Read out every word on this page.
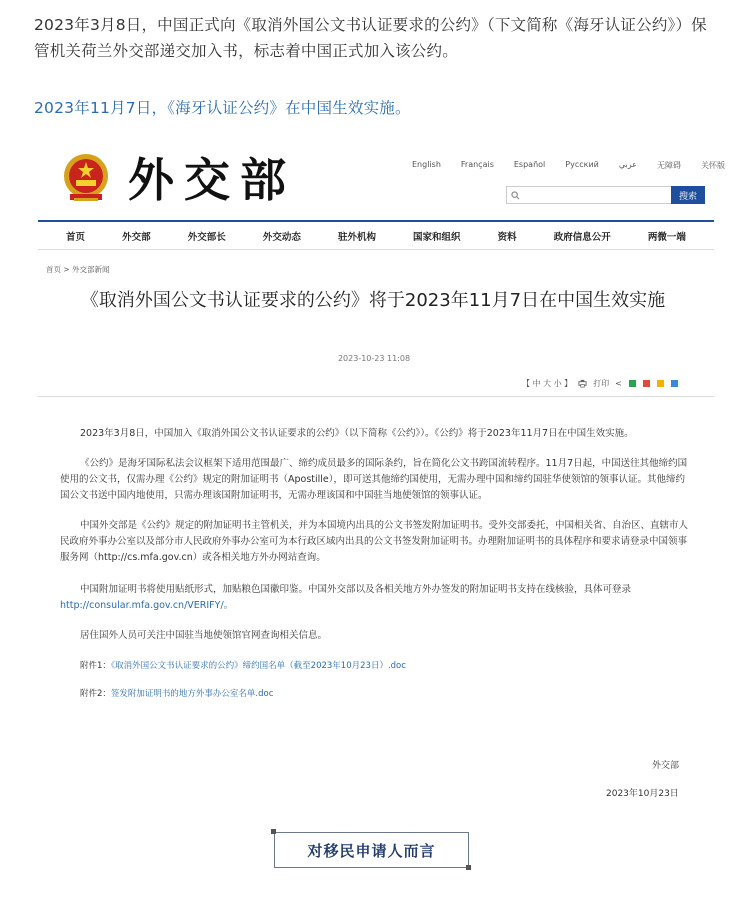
2023年3月8日，中国正式向《取消外国公文书认证要求的公约》（下文简称《海牙认证公约》）保管机关荷兰外交部递交加入书，标志着中国正式加入该公约。
2023年11月7日，《海牙认证公约》在中国生效实施。
外交部	English	Français	Español	Русский	عربي	无障碍	关怀版
搜索
首页	外交部	外交部长	外交动态	驻外机构	国家和组织	资料	政府信息公开	两微一端
首页 > 外交部新闻
《取消外国公文书认证要求的公约》将于2023年11月7日在中国生效实施
2023-10-23 11:08
【 中 大 小 】	打印 <
2023年3月8日，中国加入《取消外国公文书认证要求的公约》（以下简称《公约》）。《公约》将于2023年11月7日在中国生效实施。
《公约》是海牙国际私法会议框架下适用范围最广、缔约成员最多的国际条约，旨在简化公文书跨国流转程序。11月7日起，中国送往其他缔约国使用的公文书，仅需办理《公约》规定的附加证明书（Apostille），即可送其他缔约国使用，无需办理中国和缔约国驻华使领馆的领事认证。其他缔约国公文书送中国内地使用，只需办理该国附加证明书，无需办理该国和中国驻当地使领馆的领事认证。
中国外交部是《公约》规定的附加证明书主管机关，并为本国境内出具的公文书签发附加证明书。受外交部委托，中国相关省、自治区、直辖市人民政府外事办公室以及部分市人民政府外事办公室可为本行政区域内出具的公文书签发附加证明书。办理附加证明书的具体程序和要求请登录中国领事服务网（http://cs.mfa.gov.cn）或各相关地方外办网站查询。
中国附加证明书将使用贴纸形式，加贴粮色国徽印鉴。中国外交部以及各相关地方外办签发的附加证明书支持在线核验，具体可登录http://consular.mfa.gov.cn/VERIFY/。
居住国外人员可关注中国驻当地使领馆官网查询相关信息。
附件1：《取消外国公文书认证要求的公约》缔约国名单（截至2023年10月23日）.doc
附件2：签发附加证明书的地方外事办公室名单.doc
外交部
2023年10月23日
对移民申请人而言
